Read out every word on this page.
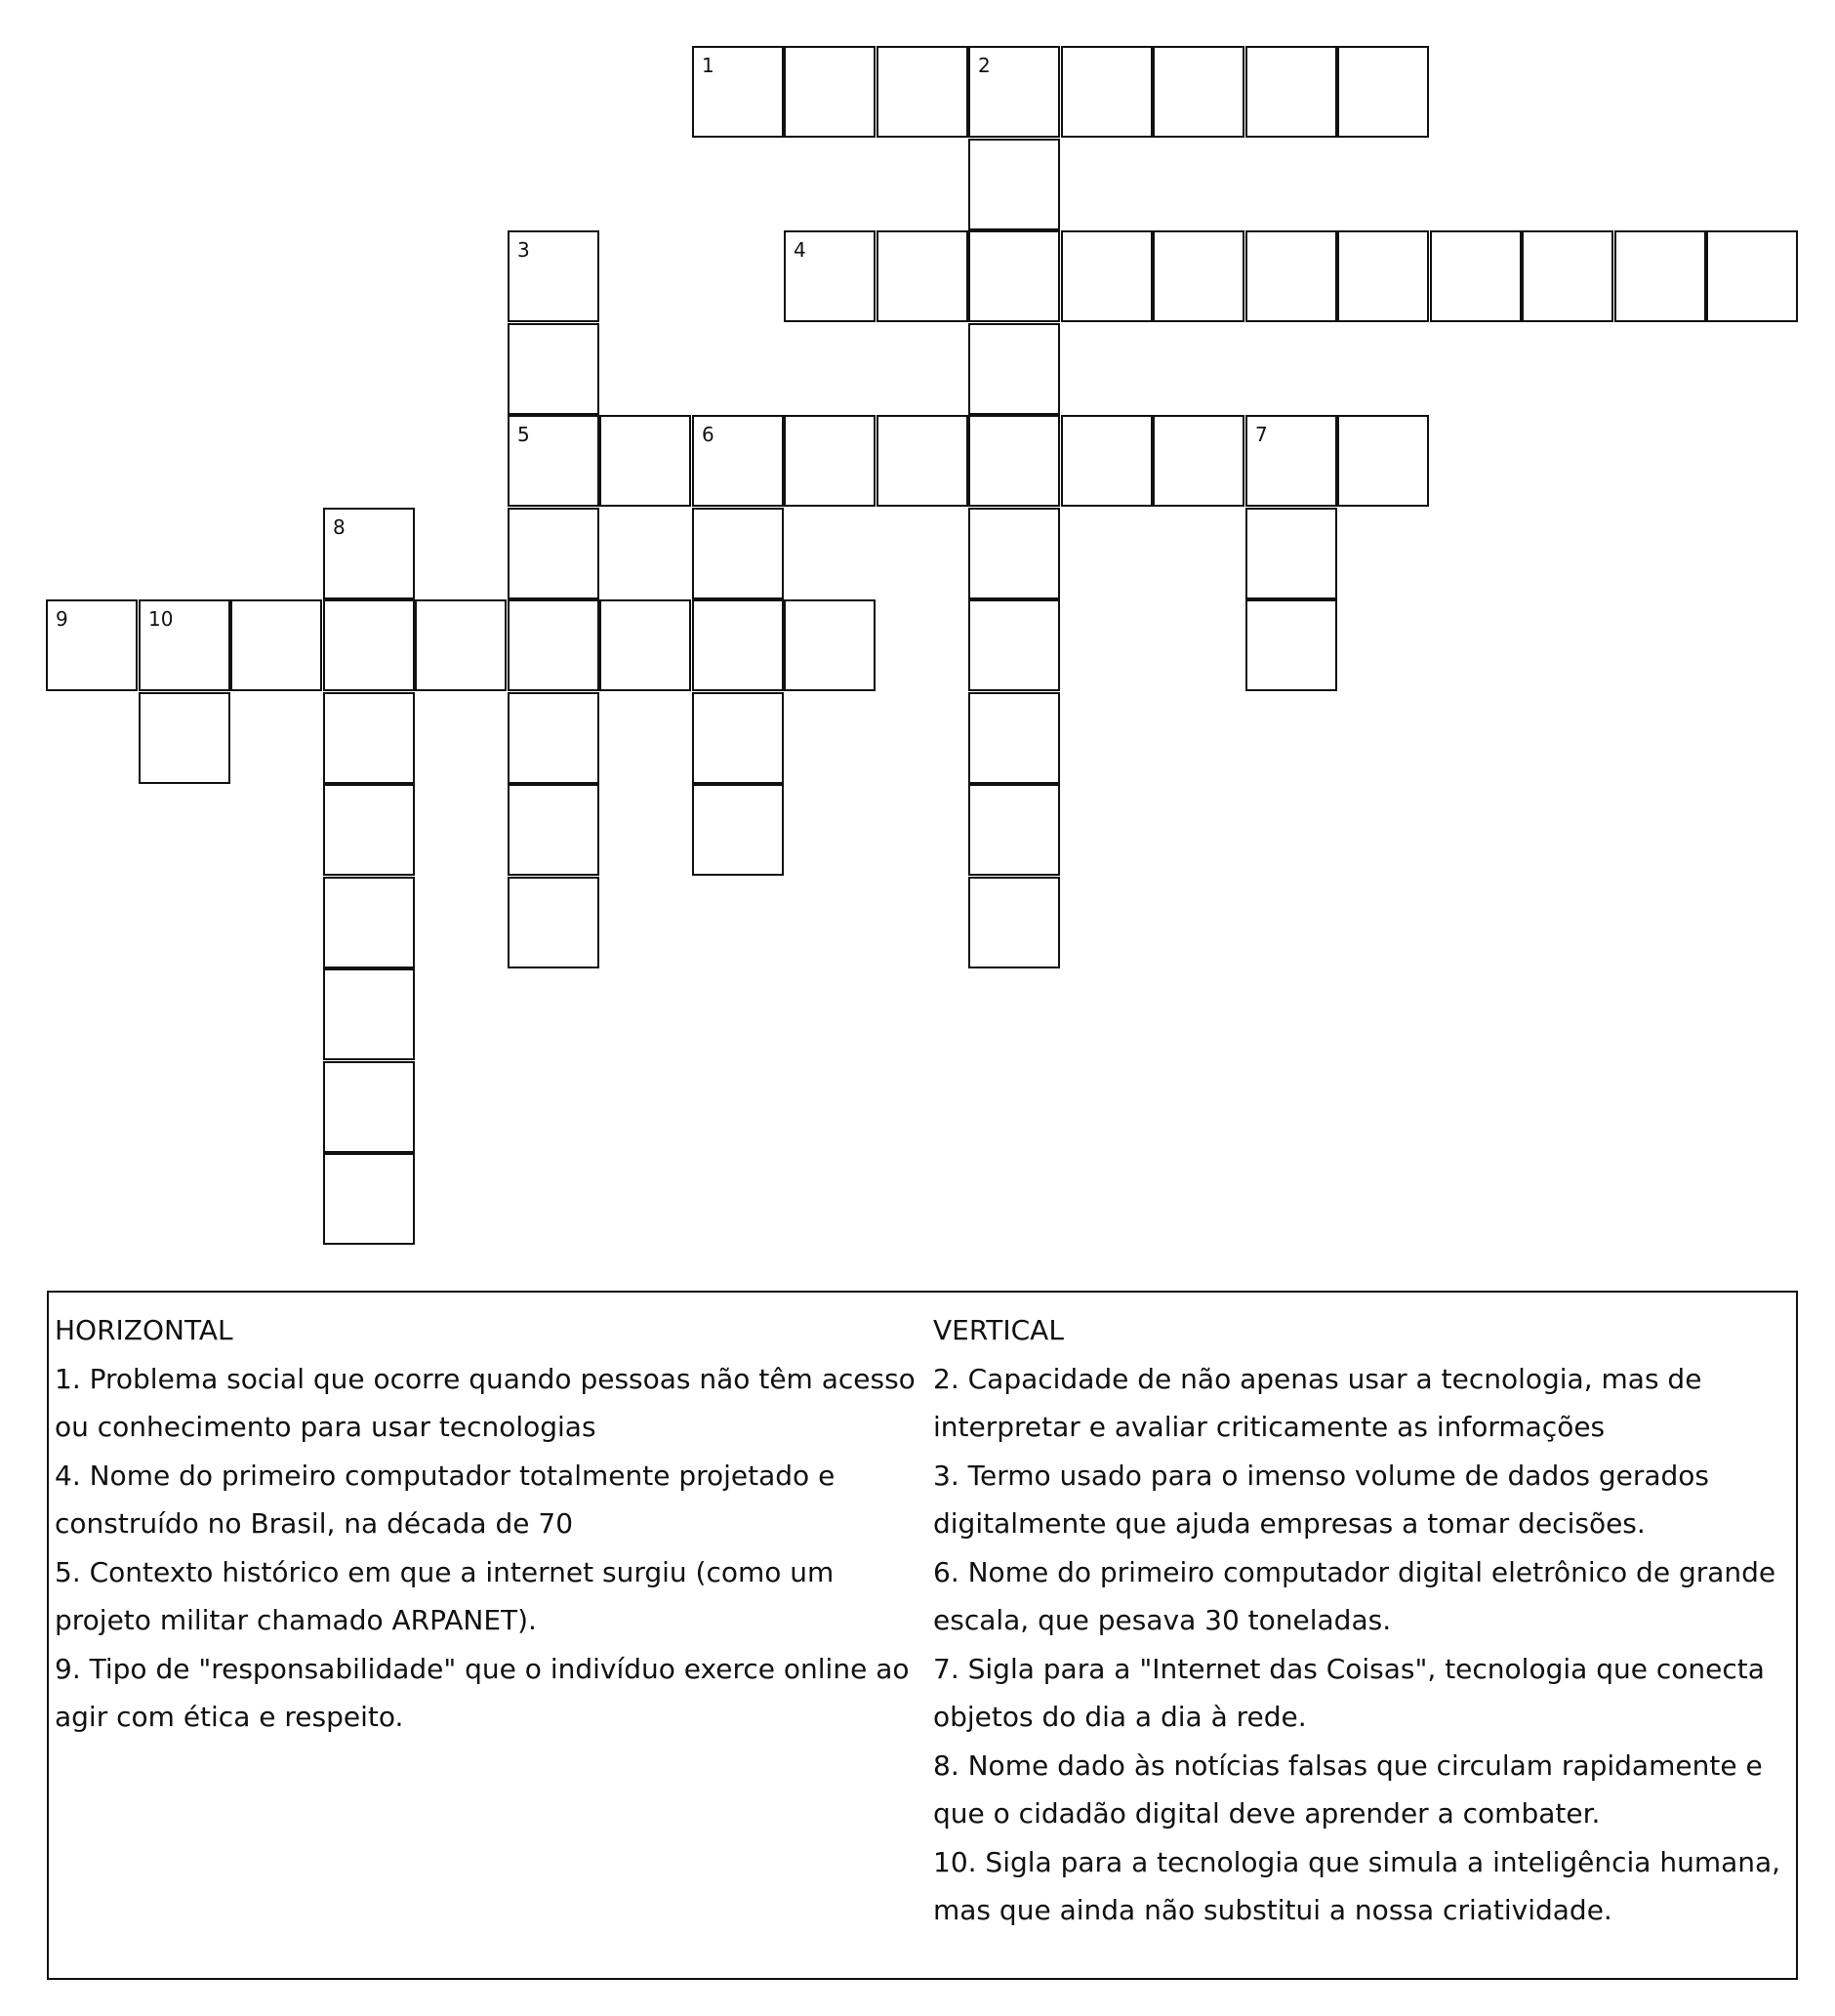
1	2
3	4
5	6	7
8
9	10

HORIZONTAL

1. Problema social que ocorre quando pessoas não têm acesso ou conhecimento para usar tecnologias

4. Nome do primeiro computador totalmente projetado e construído no Brasil, na década de 70

5. Contexto histórico em que a internet surgiu (como um projeto militar chamado ARPANET).

9. Tipo de "responsabilidade" que o indivíduo exerce online ao agir com ética e respeito.

VERTICAL

2. Capacidade de não apenas usar a tecnologia, mas de interpretar e avaliar criticamente as informações

3. Termo usado para o imenso volume de dados gerados digitalmente que ajuda empresas a tomar decisões.

6. Nome do primeiro computador digital eletrônico de grande escala, que pesava 30 toneladas.

7. Sigla para a "Internet das Coisas", tecnologia que conecta objetos do dia a dia à rede.

8. Nome dado às notícias falsas que circulam rapidamente e que o cidadão digital deve aprender a combater.

10. Sigla para a tecnologia que simula a inteligência humana, mas que ainda não substitui a nossa criatividade.
